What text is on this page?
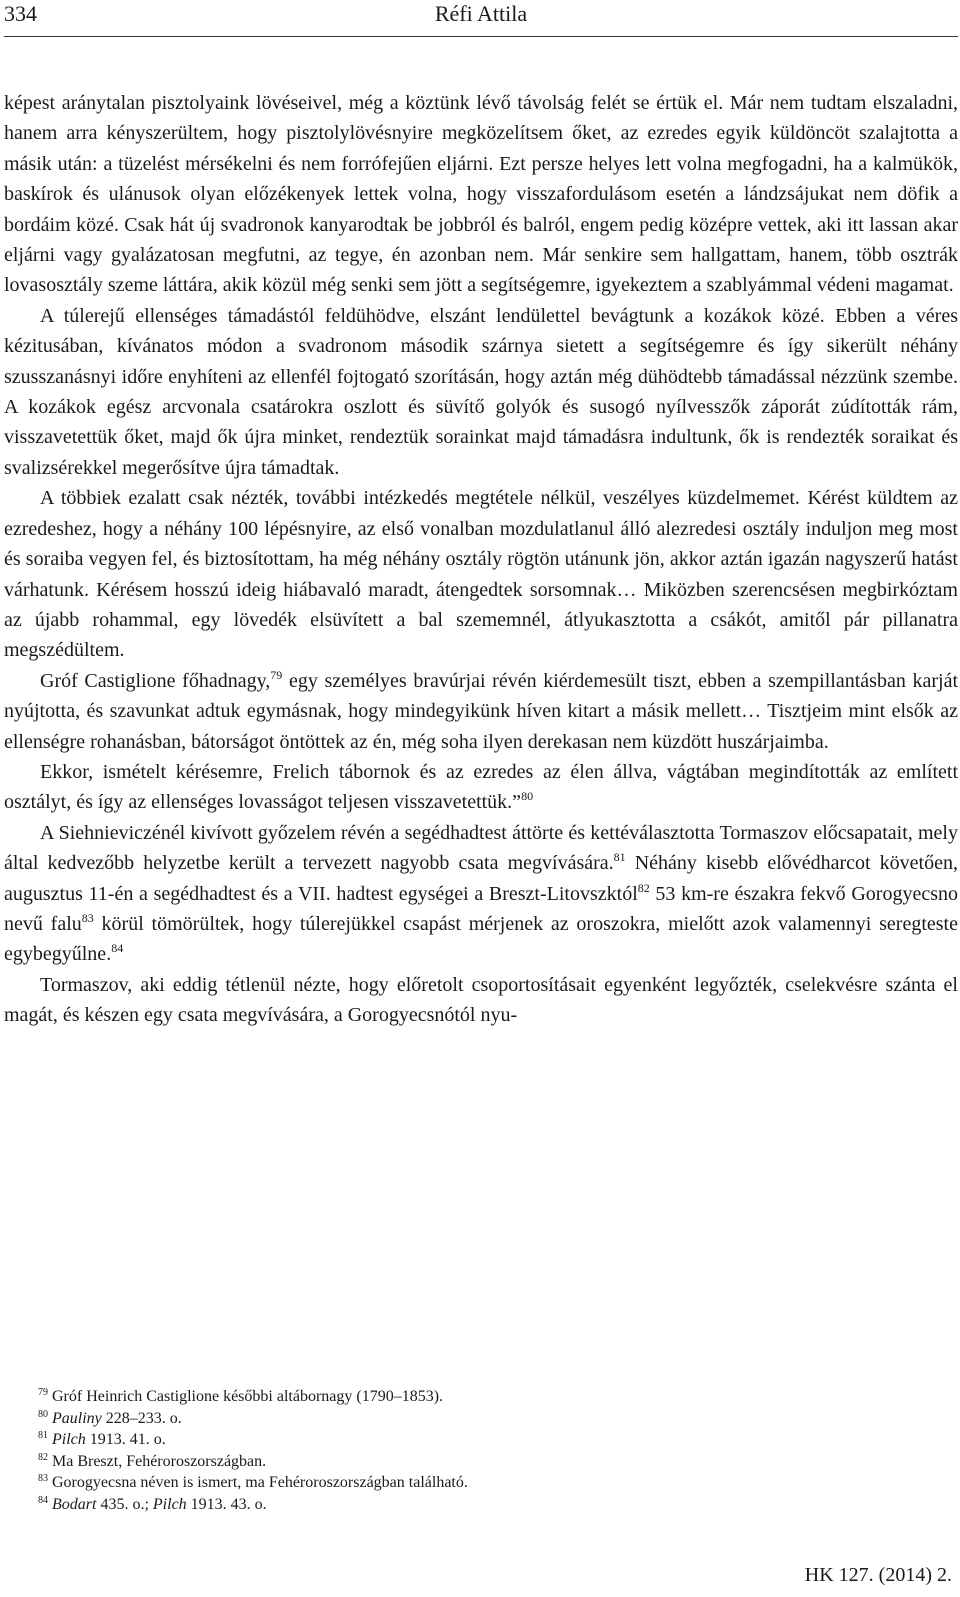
334	Réfi Attila

képest aránytalan pisztolyaink lövéseivel, még a köztünk lévő távolság felét se értük el. Már nem tudtam elszaladni, hanem arra kényszerültem, hogy pisztolylövésnyire megközelítsem őket, az ezredes egyik küldöncöt szalajtotta a másik után: a tüzelést mérsékelni és nem forrófejűen eljárni. Ezt persze helyes lett volna megfogadni, ha a kalmükök, baskírok és ulánusok olyan előzékenyek lettek volna, hogy visszafordulásom esetén a lándzsájukat nem döfik a bordáim közé. Csak hát új svadronok kanyarodtak be jobbról és balról, engem pedig középre vettek, aki itt lassan akar eljárni vagy gyalázatosan megfutni, az tegye, én azonban nem. Már senkire sem hallgattam, hanem, több osztrák lovasosztály szeme láttára, akik közül még senki sem jött a segítségemre, igyekeztem a szablyámmal védeni magamat.

A túlerejű ellenséges támadástól feldühödve, elszánt lendülettel bevágtunk a kozákok közé. Ebben a véres kézitusában, kívánatos módon a svadronom második szárnya sietett a segítségemre és így sikerült néhány szusszanásnyi időre enyhíteni az ellenfél fojtogató szorításán, hogy aztán még dühödtebb támadással nézzünk szembe. A kozákok egész arcvonala csatárokra oszlott és süvítő golyók és susogó nyílvesszők záporát zúdították rám, visszavetettük őket, majd ők újra minket, rendeztük sorainkat majd támadásra indultunk, ők is rendezték soraikat és svalizsérekkel megerősítve újra támadtak.

A többiek ezalatt csak nézték, további intézkedés megtétele nélkül, veszélyes küzdelmemet. Kérést küldtem az ezredeshez, hogy a néhány 100 lépésnyire, az első vonalban mozdulatlanul álló alezredesi osztály induljon meg most és soraiba vegyen fel, és biztosítottam, ha még néhány osztály rögtön utánunk jön, akkor aztán igazán nagyszerű hatást várhatunk. Kérésem hosszú ideig hiábavaló maradt, átengedtek sorsomnak… Miközben szerencsésen megbirkóztam az újabb rohammal, egy lövedék elsüvített a bal szememnél, átlyukasztotta a csákót, amitől pár pillanatra megszédültem.

Gróf Castiglione főhadnagy,$^{79}$ egy személyes bravúrjai révén kiérdemesült tiszt, ebben a szempillantásban karját nyújtotta, és szavunkat adtuk egymásnak, hogy mindegyikünk híven kitart a másik mellett… Tisztjeim mint elsők az ellenségre rohanásban, bátorságot öntöttek az én, még soha ilyen derekasan nem küzdött huszárjaimba.

Ekkor, ismételt kérésemre, Frelich tábornok és az ezredes az élen állva, vágtában megindították az említett osztályt, és így az ellenséges lovasságot teljesen visszavetettük.”$^{80}$

A Siehnieviczénél kivívott győzelem révén a segédhadtest áttörte és kettéválasztotta Tormaszov előcsapatait, mely által kedvezőbb helyzetbe került a tervezett nagyobb csata megvívására.$^{81}$ Néhány kisebb elővédharcot követően, augusztus 11-én a segédhadtest és a VII. hadtest egységei a Breszt-Litovszktól$^{82}$ 53 km-re északra fekvő Gorogyecsno nevű falu$^{83}$ körül tömörültek, hogy túlerejükkel csapást mérjenek az oroszokra, mielőtt azok valamennyi seregteste egybegyűlne.$^{84}$

Tormaszov, aki eddig tétlenül nézte, hogy előretolt csoportosításait egyenként legyőzték, cselekvésre szánta el magát, és készen egy csata megvívására, a Gorogyecsnótól nyu-

$^{79}$ Gróf Heinrich Castiglione későbbi altábornagy (1790–1853).
$^{80}$ Pauliny 228–233. o.
$^{81}$ Pilch 1913. 41. o.
$^{82}$ Ma Breszt, Fehéroroszországban.
$^{83}$ Gorogyecsna néven is ismert, ma Fehéroroszországban található.
$^{84}$ Bodart 435. o.; Pilch 1913. 43. o.
HK 127. (2014) 2.
